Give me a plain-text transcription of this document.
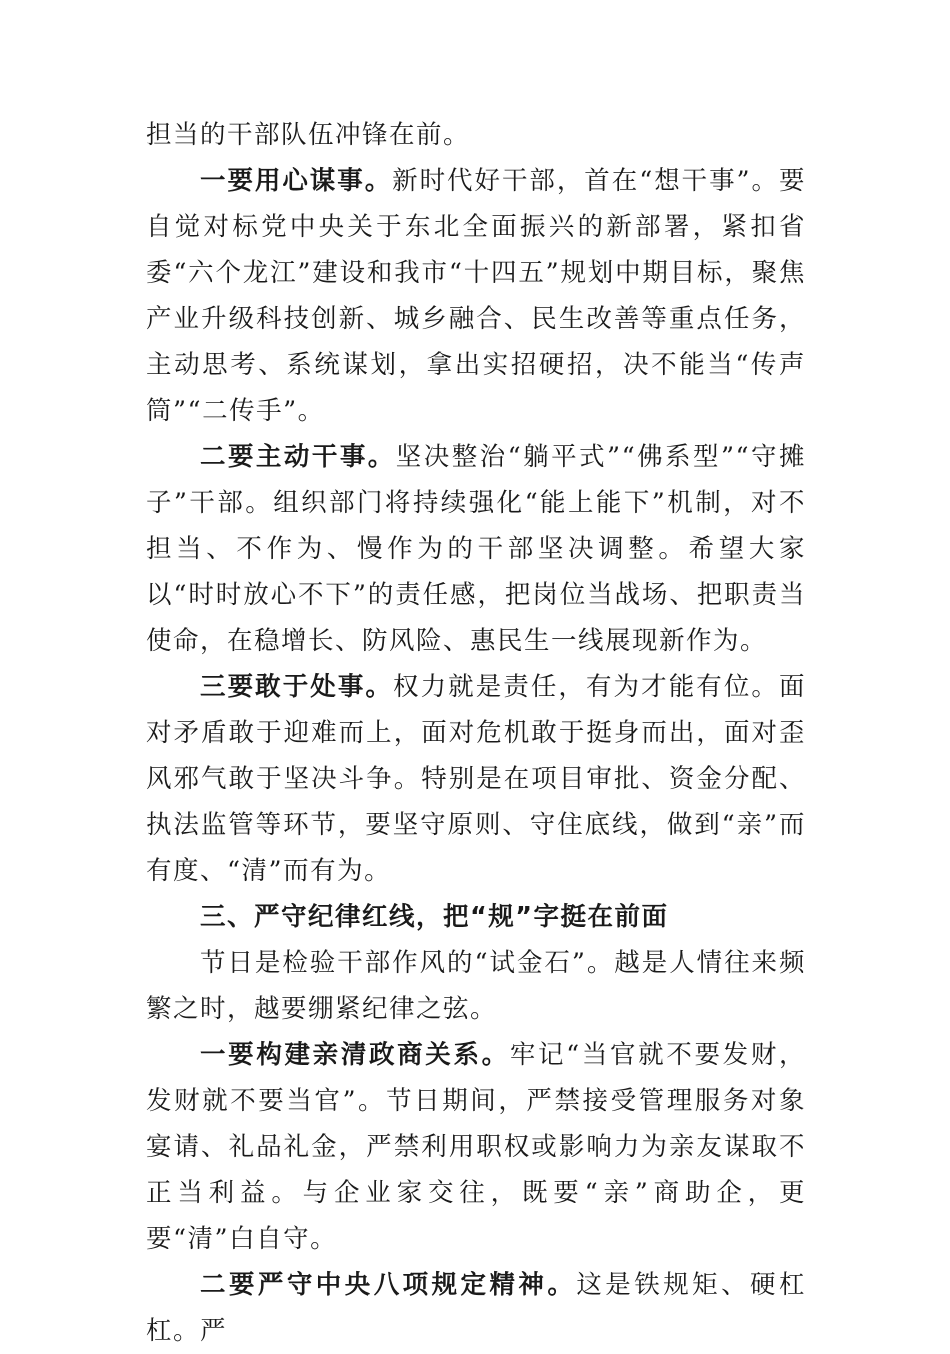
担当的干部队伍冲锋在前。

一要用心谋事。新时代好干部，首在“想干事”。要自觉对标党中央关于东北全面振兴的新部署，紧扣省委“六个龙江”建设和我市“十四五”规划中期目标，聚焦产业升级科技创新、城乡融合、民生改善等重点任务，主动思考、系统谋划，拿出实招硬招，决不能当“传声筒”“二传手”。

二要主动干事。坚决整治“躺平式”“佛系型”“守摊子”干部。组织部门将持续强化“能上能下”机制，对不担当、不作为、慢作为的干部坚决调整。希望大家以“时时放心不下”的责任感，把岗位当战场、把职责当使命，在稳增长、防风险、惠民生一线展现新作为。

三要敢于处事。权力就是责任，有为才能有位。面对矛盾敢于迎难而上，面对危机敢于挺身而出，面对歪风邪气敢于坚决斗争。特别是在项目审批、资金分配、执法监管等环节，要坚守原则、守住底线，做到“亲”而有度、“清”而有为。

三、严守纪律红线，把“规”字挺在前面

节日是检验干部作风的“试金石”。越是人情往来频繁之时，越要绷紧纪律之弦。

一要构建亲清政商关系。牢记“当官就不要发财，发财就不要当官”。节日期间，严禁接受管理服务对象宴请、礼品礼金，严禁利用职权或影响力为亲友谋取不正当利益。与企业家交往，既要“亲”商助企，更要“清”白自守。

二要严守中央八项规定精神。这是铁规矩、硬杠杠。严
